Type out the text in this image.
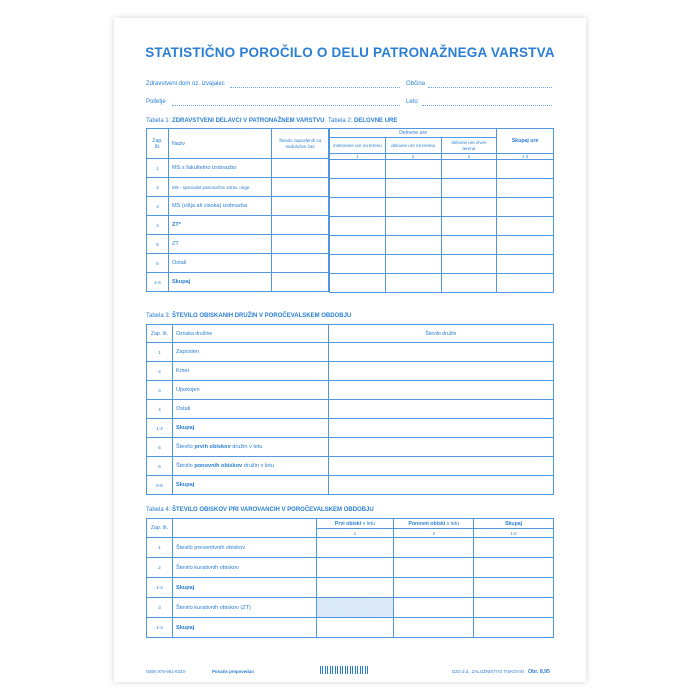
STATISTIČNO POROČILO O DELU PATRONAŽNEGA VARSTVA
Zdravstveni dom oz. izvajalec	Občina
Polletje	Leto
Tabela 1: ZDRAVSTVENI DELAVCI V PATRONAŽNEM VARSTVU Tabela 2: DELOVNE URE
Zap. št.	Naziv	Število zaposlenih za nedoločen čas
1	MS s fakultetno izobrazbo	
2	MS - specialist patronažne zdrav. nege	
3	MS (višja ali visoka) izobrazba	
4	ZT*	
5	ZT	
6	Ostali	
1-6	Skupaj	
Delovne ure			Skupaj ure
motivirane ure na terenu	delovne ure na terenu	delovne ure izven terena	
1	2	3	1-3

Tabela 3: ŠTEVILO OBISKANIH DRUŽIN V POROČEVALSKEM OBDOBJU
Zap. št.	Oznaka družine	Število družin
1	Zaposlen	
2	Kmet	
3	Upokojen	
4	Ostali	
1-4	Skupaj	
5	Število prvih obiskov družin v letu	
6	Število ponovnih obiskov družin v letu	
5-6	Skupaj	
Tabela 4: ŠTEVILO OBISKOV PRI VAROVANCIH V POROČEVALSKEM OBDOBJU
Zap. št.		Prvi obiski v letu	Ponovni obiski v letu	Skupaj
		1	2	1-2
1	Število preventivnih obiskov			
2	Število kurativnih obiskov			
1-2	Skupaj			
3	Število kurativnih obiskov (ZT)			
1-3	Skupaj			
ISBN 978-961-6334-	Ponatis prepovedan	DZS d.d., ZALOŽNIŠTVO TISKOVIN Obr. 8,95
